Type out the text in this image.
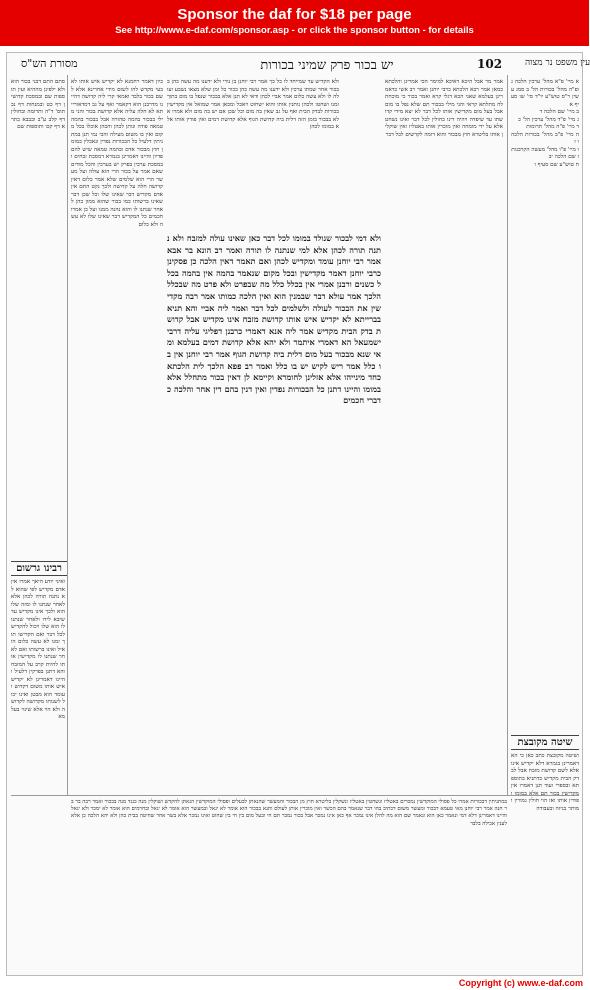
Sponsor the daf for $18 per page
See http://www.e-daf.com/sponsor.asp - or click the sponsor button - for details
מסורת הש"ס	יש בכור פרק שמיני בכורות	102	עין משפט נר מצוה
סתם התם דבני בכור הוא ולא ילפינן מההיא ועין תוספות שם ובמסכת קדושין דף כט ובמנחות דף נב תוס' ד"ה ותרומה ובחולין דף קלב ע"ב ובבבא בתרא דף קכו ותוספות שם
רבינו גרשום
ואיני יודע היאך אמרו אין אדם מקדיש לפי שהוא לא נתנה תורה לכהן אלא לאחר שנתנו לו ומזה שלו הוא ולכך אינו מקדיש עד שיבא לידו ולאחר שנתנו לו הוא שלו ויכול להקדיש לכל דבר ואם הקדישו תוך זמנו לא עשה כלום הואיל ואינו ברשותו ואם לאחר שנתנו לו מקדישין אותו להיות קרב על המזבח והא דתנן בפרקין דלעיל והיינו דאמרינן לא יקדיש איש אותו משום דקדוש ועומד הוא מבטן ואינו יכול לשנותו מקדושה לקדושה ולא הוי אלא שינוי בעלמא
כיון דאמר רחמנא לא יקדיש איש אותו לא בעי מקדש להו לשום מידי אחרינא אלא לשם בכור בלבד ואמאי קרי ליה קדושה דהיינו מדרבנן הוא דקאמר ואף על גב דמדאורייתא לא חלה עליה אלא קדושת בכור והני מילי בבכור בהמה טהורה אבל בבכור בהמה טמאה פודה ונותן לכהן והכהן אוכלו בכל מקום ואין בו משום מעילה והכי נמי תנן במתניתין דלעיל כל הבכורות נפדין ונאכלין במומן חוץ מבכור אדם ובהמה טמאה שיש להם פדיון והיינו דאמרינן בגמרא דמסכת זבחים ובמסכת ערכין בפרק יש בערכין והכל מודים שאם אמר על בכור הרי הוא עולה ועל מעשר הרי הוא שלמים שלא אמר כלום דאין קדושה חלה על קדושה ולכך נקט התם אין אדם מקדיש דבר שאינו שלו וכל שכן דבר שאינו ברשותו כמו בכור שהוא ממון כהן לאחר שנתנו לו והוא נהנה ממנו ועל כן אמרו חכמים כל המקדיש דבר שאינו שלו לא עשה ולא כלום
ולא הקדיש עד שמייחד לו כל כך אמר רבי יוחנן בן נורי ולא ידענו מה עשה כהן בבכור אחר שמתו ערכין ולא ידענו מה עשה כהן בכור כל זמן שלא מצאו נשבע ועולה לו ולא עשה כלום אמר אביי לכהן ודאי לא תנן אלא בבכור שנפל בו מום בתוך זמנו ושחטו ולכהן נותנין אותו והוא ישחוט ויאכל ומכאן אמר שמואל אין מקדישין בכורות לבדק הבית ואף על גב שאין בה מום וכל שכן אם יש בה מום ולא אמרו אלא בבכור בזמן הזה דלית ביה קדושת הגוף אלא קדושת דמים ואין פודין אותו אלא במומו לכהן
ולא דמי לבכור שנולד במומו לכל דבר כאן שאינו עולה למזבח ולא נתנה תורה לכהן אלא למי שנתנה לו תורה ואמר רב הונא בר אבא אמר רבי יוחנן עומד ומקדיש לכהן ואם תאמר דאין הלכה כן פסקינן כרבי יוחנן דאמר מקדישין ובכל מקום שנאמר בהמה אין בהמה בכלל כשנים ורבנן אמרי אין בכלל כלל מה שבפרט ולא פרט מה שבכלל הלכך אמר עולא דבר שבמנין הוא ואין הלכה כמותו אמר רבה מקדישין את הבכור לעולה ולשלמים לכל דבר ואמר ליה אביי והא תניא בברייתא לא יקדיש איש אותו קדושת מזבח אינו מקדיש אבל קדושת בדק הבית מקדיש אמר ליה אנא דאמרי כרבנן דפליגי עליה דרבי ישמעאל הא דאמרי איתמר ולא יהא אלא קדושת דמים בעלמא ומאי שנא מבכור בעל מום דלית ביה קדושת הגוף אמר רבי יוחנן אין בו כלל אמר ריש לקיש יש בו כלל ואמר רב פפא הלכך לית הלכתא כחד מינייהו אלא אזלינן לחומרא וקיימא לן דאין בכור מתחלל אלא במומו והיינו דתנן כל הבכורות נפדין ואין דנין בהם דין אחר והלכה כדברי חכמים
אמר מר אבל היכא דאיכא למימר הכי אמרינן והלכתא כמאן אמר רבא הלכתא כרבי יוחנן ואמר רב אשי כדאמרינן בעלמא שאני הכא דגלי קרא ואמר בכור כי מוכחת לה מתלתא קראי והני מילי בבכור תם שלא נפל בו מום אבל בעל מום מקדישין אותו לכל דבר לא יצא מידי קדושתו עד שיפדה ויהיה דינו כחולין לכל דבר ואינו נשחט אלא על ידי מומחה ואין מוכרין אותו באטליז ואין שוקלין אותו בליטרא חוץ מבכור והוא דומה לקדשים לכל דבר
א מיי' פ"א מהל' ערכין הלכה ג ופ"ה מהל' בכורות הל' ב סמג עשין ר"ס טוש"ע יו"ד סי' שו סעיף א
ב מיי' שם הלכה ד
ג מיי' פ"ד מהל' ערכין הל' כ
ד מיי' פ"ה מהל' תרומות
ה מיי' פ"ב מהל' בכורות הלכה ו ז
ו מיי' פ"ו מהל' מעשה הקרבנות
ז שם הלכה יב
ח טוש"ע שם סעיף ו
שיטה מקובצת
ושיטה מקובצת כתב כאן כי הא דאמרינן בגמרא דלא יקדיש אינו אלא לשם קדושת מזבח אבל לבדק הבית מקדיש כדתניא בתוספתא ובספרי ועוד תנן דאמרו אין מקדישין בכור תם אלא במומו ופודין אותו ואז הוי חולין גמורין ומותר בגיזה ובעבודה
במתניתין דבכורות אמרו כל פסולי המוקדשין נמכרים באטליז ונשחטין באטליז ונשקלין בליטרא חוץ מן הבכור והמעשר שהנאתן לבעלים ופסולי המוקדשין הנאתן להקדש ושוקלין מנה כנגד מנה בבכור ואמר רבה בר בר חנה אמר רבי יוחנן מאי טעמא דבכור ומעשר משום דכתיב בהו דבר שנאמר בהם הכשר ואין מוכרין אותן לעולם ותנא בבכור הוא אומר לא יגאל ובמעשר הוא אומר לא יגאל ובחרמים הוא אומר לא ימכר ולא יגאל והיינו דאמרינן דלא דמי ונאמר כאן הוא ונאמר שם הוא מה להלן אינו נמכר אף כאן אינו נמכר אבל בכור נמכר תם חי ובעל מום בין חי בין שחוט ואינו נמכר אלא בשר אחר שחיטה בבית כהן ולא יהא הלכה כן אלא לענין אכילה בלבד
Copyright (c) www.e-daf.com
